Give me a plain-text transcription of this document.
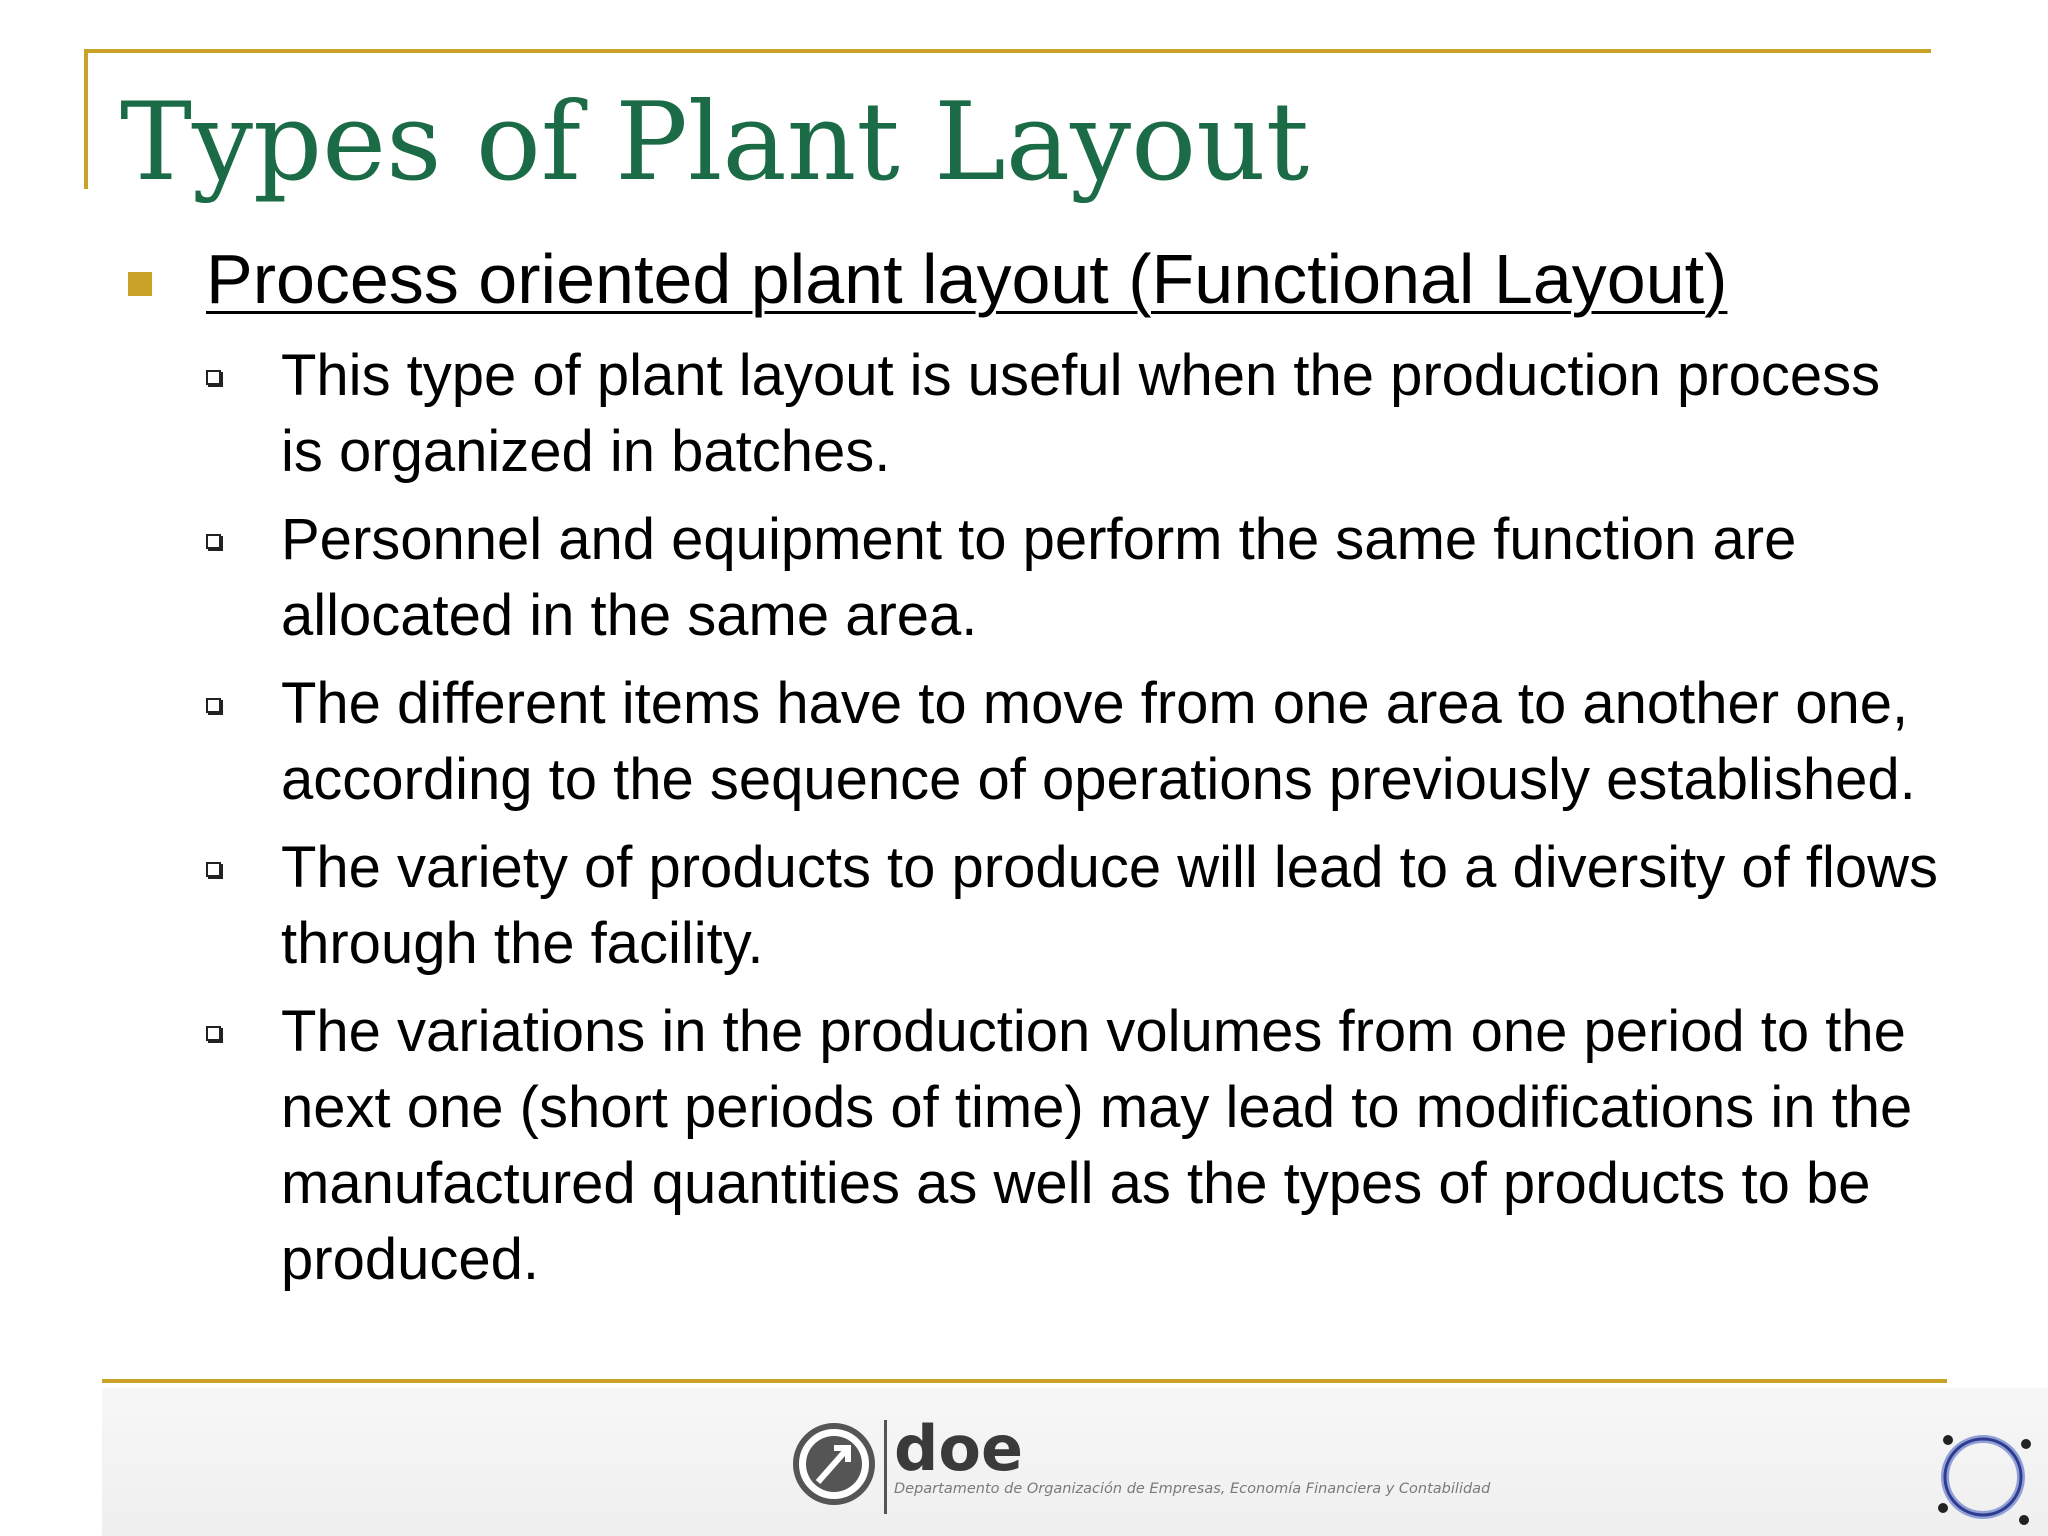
Types of Plant Layout
Process oriented plant layout (Functional Layout)
This type of plant layout is useful when the production process is organized in batches.
Personnel and equipment to perform the same function are allocated in the same area.
The different items have to move from one area to another one, according to the sequence of operations previously established.
The variety of products to produce will lead to a diversity of flows through the facility.
The variations in the production volumes from one period to the next one (short periods of time) may lead to modifications in the manufactured quantities as well as the types of products to be produced.
doe
Departamento de Organización de Empresas, Economía Financiera y Contabilidad
